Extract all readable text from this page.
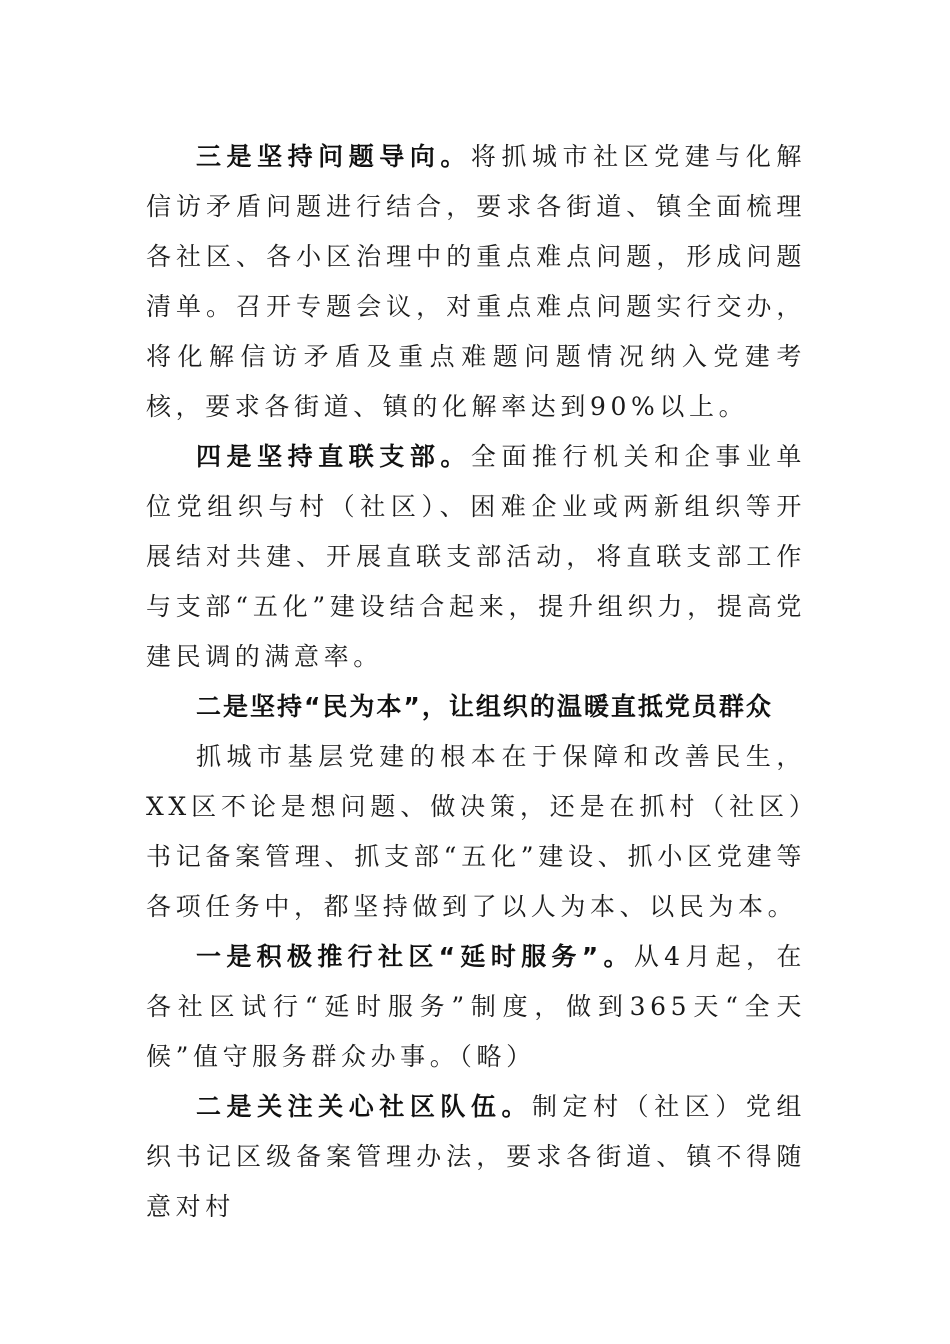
三是坚持问题导向。将抓城市社区党建与化解信访矛盾问题进行结合，要求各街道、镇全面梳理各社区、各小区治理中的重点难点问题，形成问题清单。召开专题会议，对重点难点问题实行交办，将化解信访矛盾及重点难题问题情况纳入党建考核，要求各街道、镇的化解率达到90%以上。

四是坚持直联支部。全面推行机关和企事业单位党组织与村（社区）、困难企业或两新组织等开展结对共建、开展直联支部活动，将直联支部工作与支部“五化”建设结合起来，提升组织力，提高党建民调的满意率。

二是坚持“民为本”，让组织的温暖直抵党员群众

抓城市基层党建的根本在于保障和改善民生，XX区不论是想问题、做决策，还是在抓村（社区）书记备案管理、抓支部“五化”建设、抓小区党建等各项任务中，都坚持做到了以人为本、以民为本。

一是积极推行社区“延时服务”。从4月起，在各社区试行“延时服务”制度，做到365天“全天候”值守服务群众办事。（略）

二是关注关心社区队伍。制定村（社区）党组织书记区级备案管理办法，要求各街道、镇不得随意对村
